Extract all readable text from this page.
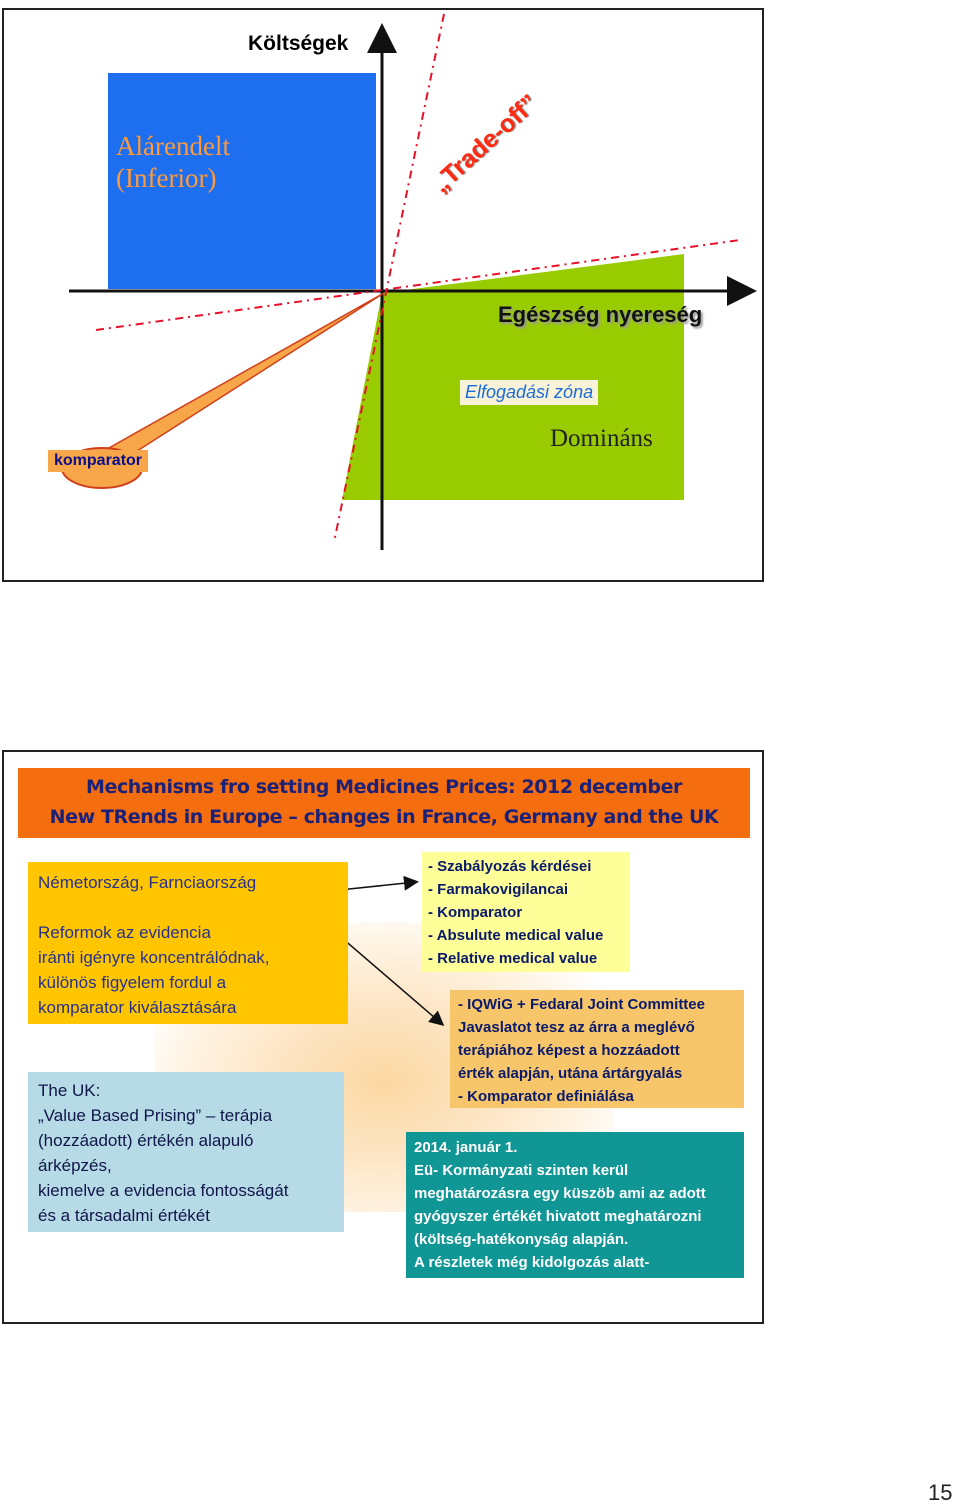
Alárendelt
(Inferior)
Költségek
„Trade-off”
Egészség nyereség
Elfogadási zóna
Domináns
komparator
Mechanisms fro setting Medicines Prices: 2012 december
New TRends in Europe – changes in France, Germany and the UK
Németország, Farnciaország
Reformok az evidencia
iránti igényre koncentrálódnak,
különös figyelem fordul a
komparator kiválasztására
The UK:
„Value Based Prising” – terápia
(hozzáadott) értékén alapuló
árképzés,
kiemelve a evidencia fontosságát
és a társadalmi értékét
- Szabályozás kérdései
- Farmakovigilancai
- Komparator
- Absulute medical value
- Relative medical value
- IQWiG + Fedaral Joint Committee
Javaslatot tesz az árra a meglévő
terápiához képest a hozzáadott
érték alapján, utána ártárgyalás
- Komparator definiálása
2014. január 1.
Eü- Kormányzati szinten kerül
meghatározásra egy küszöb ami az adott
gyógyszer értékét hivatott meghatározni
(költség-hatékonyság alapján.
A részletek még kidolgozás alatt-
15
